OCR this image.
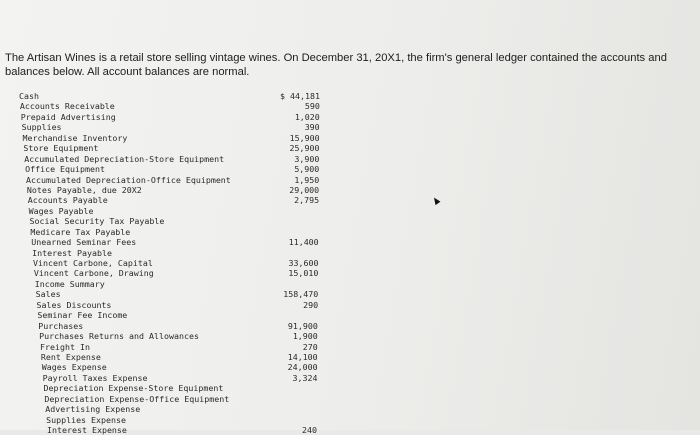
The Artisan Wines is a retail store selling vintage wines. On December 31, 20X1, the firm's general ledger contained the accounts and balances below. All account balances are normal.

Cash	$ 44,181
Accounts Receivable	590
Prepaid Advertising	1,020
Supplies	390
Merchandise Inventory	15,900
Store Equipment	25,900
Accumulated Depreciation-Store Equipment	3,900
Office Equipment	5,900
Accumulated Depreciation-Office Equipment	1,950
Notes Payable, due 20X2	29,000
Accounts Payable	2,795
Wages Payable
Social Security Tax Payable
Medicare Tax Payable
Unearned Seminar Fees	11,400
Interest Payable
Vincent Carbone, Capital	33,600
Vincent Carbone, Drawing	15,010
Income Summary
Sales	158,470
Sales Discounts	290
Seminar Fee Income
Purchases	91,900
Purchases Returns and Allowances	1,900
Freight In	270
Rent Expense	14,100
Wages Expense	24,000
Payroll Taxes Expense	3,324
Depreciation Expense-Store Equipment
Depreciation Expense-Office Equipment
Advertising Expense
Supplies Expense
Interest Expense	240
